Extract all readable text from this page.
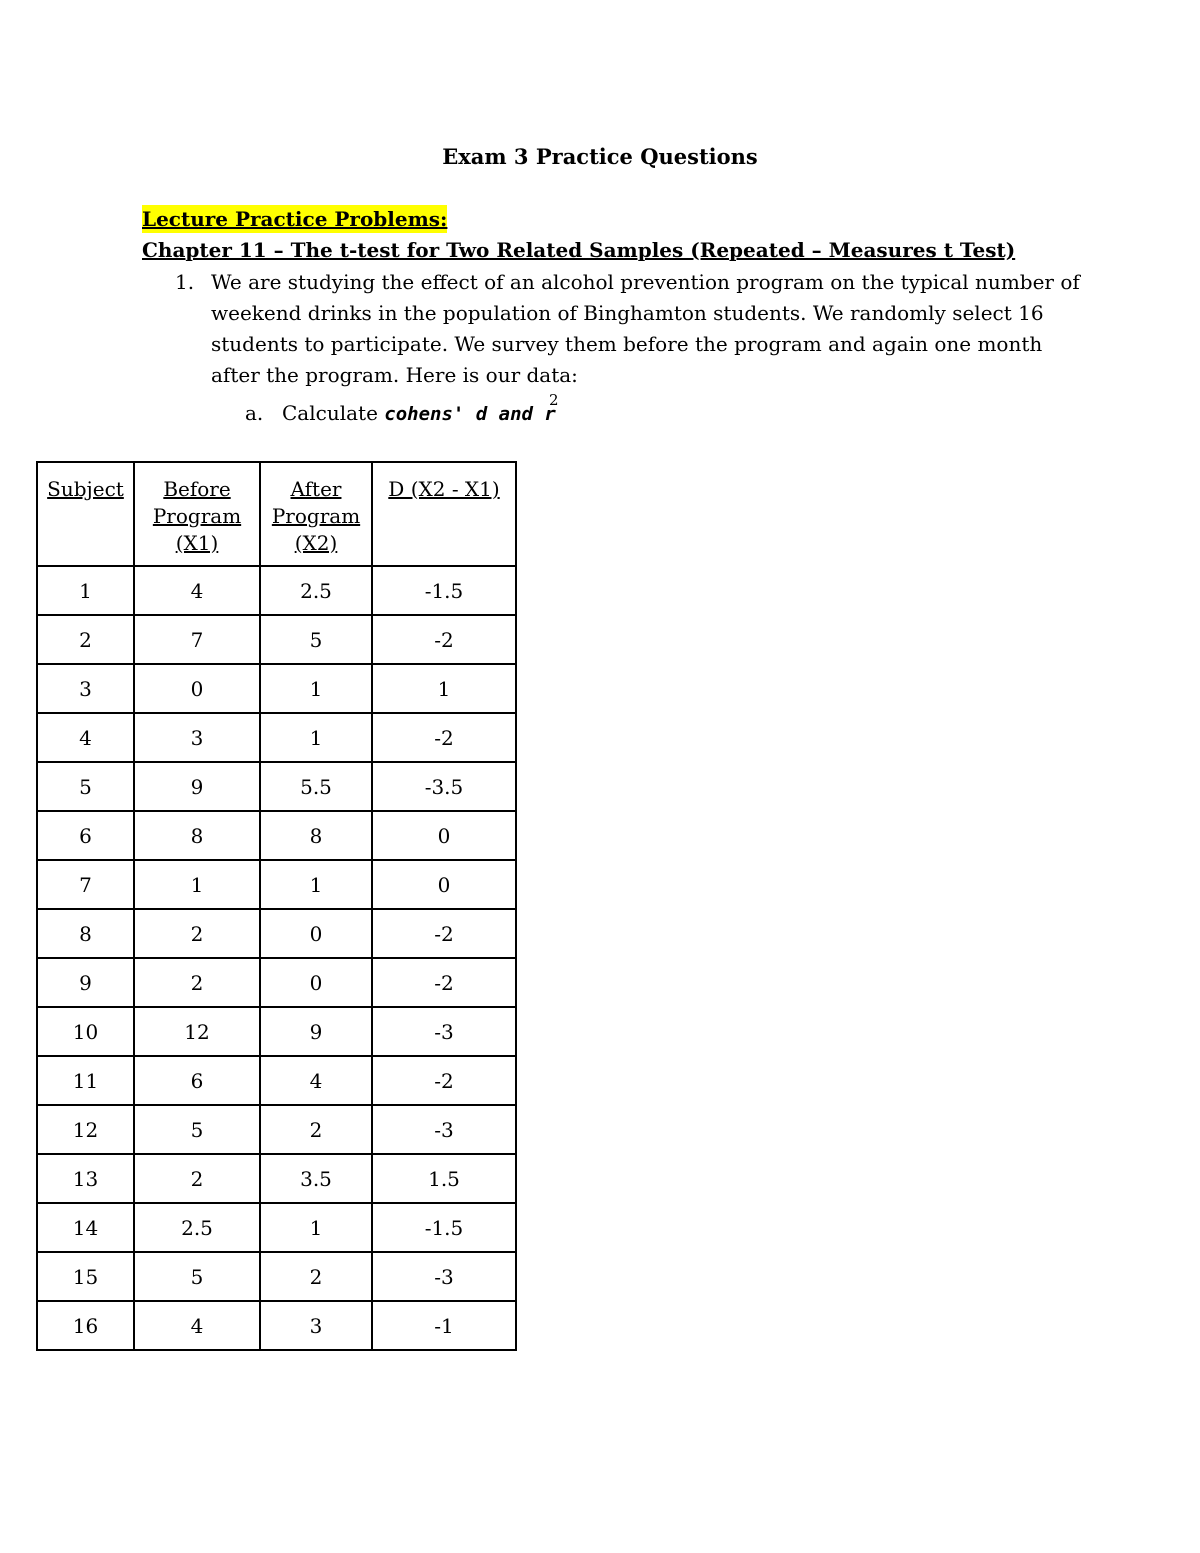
Exam 3 Practice Questions
Lecture Practice Problems:
Chapter 11 – The t-test for Two Related Samples (Repeated – Measures t Test)
1. We are studying the effect of an alcohol prevention program on the typical number of weekend drinks in the population of Binghamton students. We randomly select 16 students to participate. We survey them before the program and again one month after the program. Here is our data:
a. Calculate cohens' d and r
2
Subject	Before Program (X1)	After Program (X2)	D (X2 - X1)
1	4	2.5	-1.5
2	7	5	-2
3	0	1	1
4	3	1	-2
5	9	5.5	-3.5
6	8	8	0
7	1	1	0
8	2	0	-2
9	2	0	-2
10	12	9	-3
11	6	4	-2
12	5	2	-3
13	2	3.5	1.5
14	2.5	1	-1.5
15	5	2	-3
16	4	3	-1
